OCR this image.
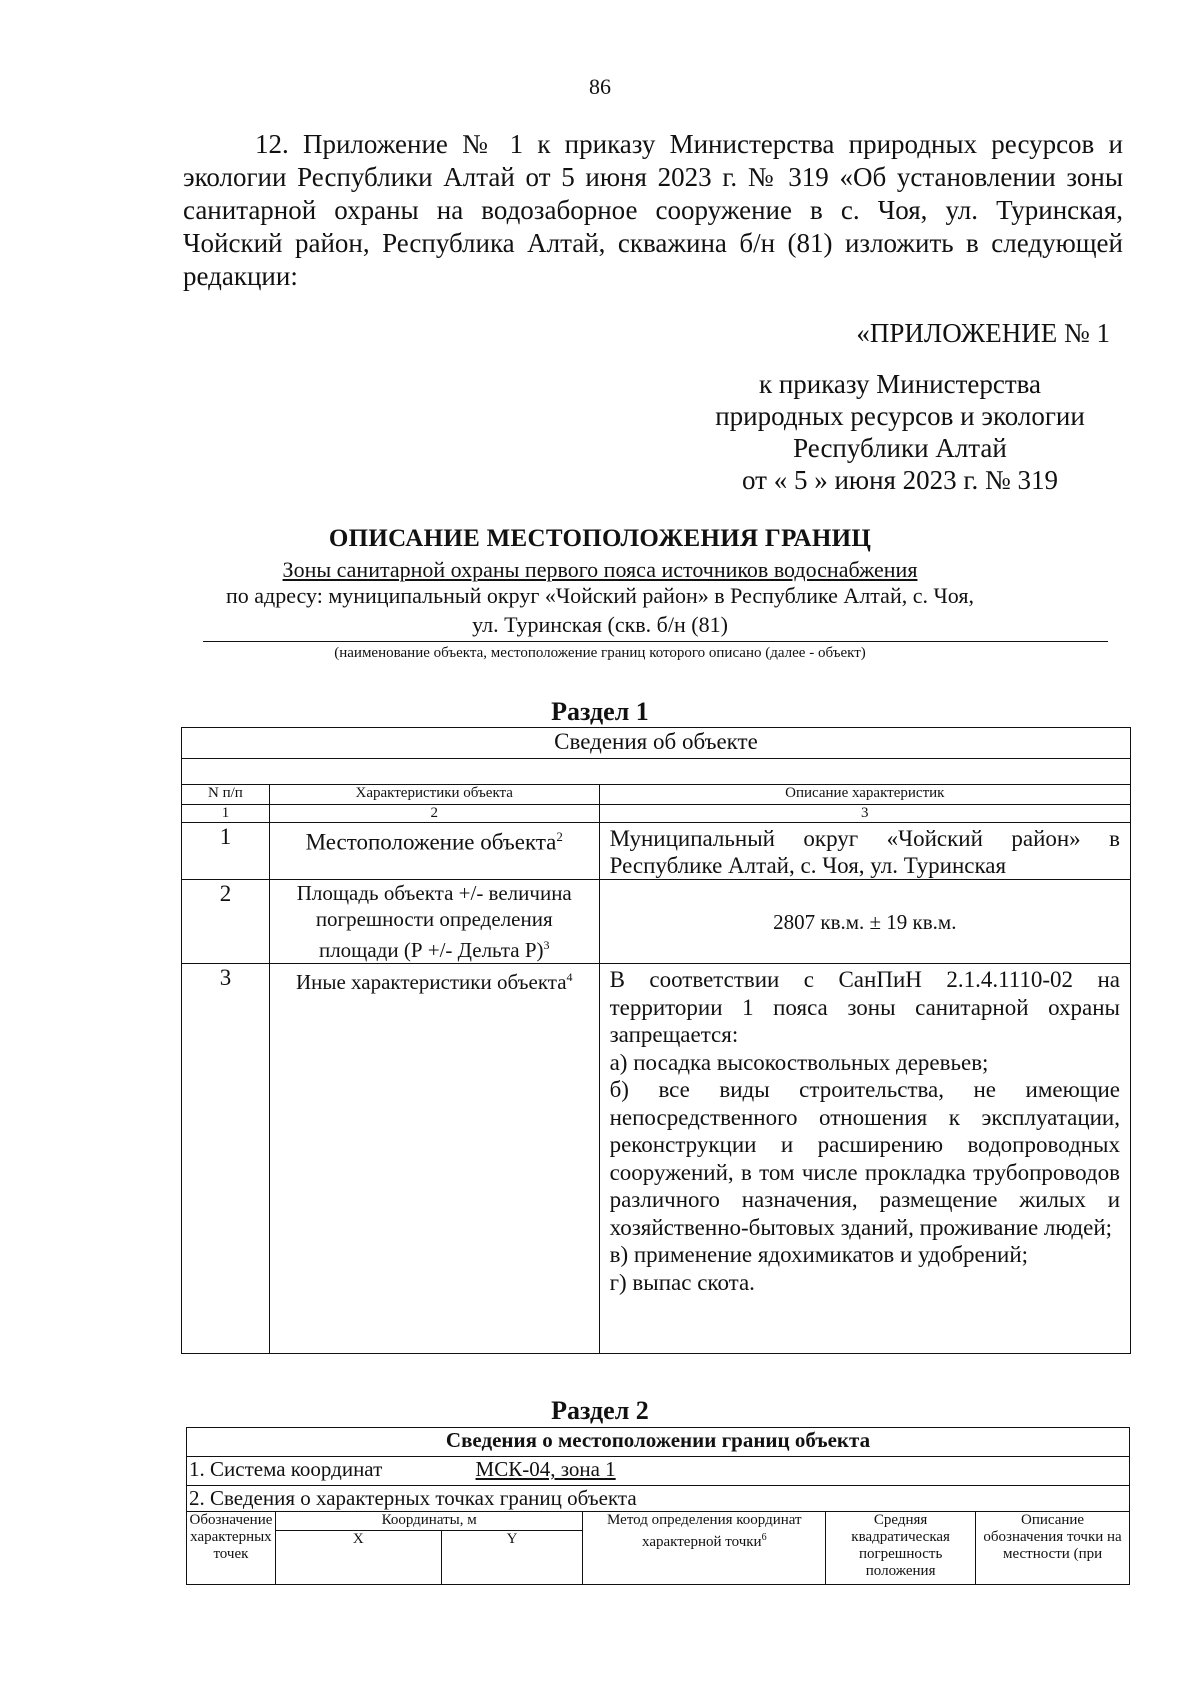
86
12. Приложение № 1 к приказу Министерства природных ресурсов и экологии Республики Алтай от 5 июня 2023 г. № 319 «Об установлении зоны санитарной охраны на водозаборное сооружение в с. Чоя, ул. Туринская, Чойский район, Республика Алтай, скважина б/н (81) изложить в следующей редакции:
«ПРИЛОЖЕНИЕ № 1
к приказу Министерства
природных ресурсов и экологии
Республики Алтай
от « 5 » июня 2023 г. № 319
ОПИСАНИЕ МЕСТОПОЛОЖЕНИЯ ГРАНИЦ
Зоны санитарной охраны первого пояса источников водоснабжения
по адресу: муниципальный округ «Чойский район» в Республике Алтай, с. Чоя,
ул. Туринская (скв. б/н (81)
(наименование объекта, местоположение границ которого описано (далее - объект)
Раздел 1
Сведения об объекте		

N п/п	Характеристики объекта	Описание характеристик
1	2	3
1	Местоположение объекта$^2$	Муниципальный округ «Чойский район» в Республике Алтай, с. Чоя, ул. Туринская
2	Площадь объекта +/- величина погрешности определения площади (Р +/- Дельта Р)$^3$	2807 кв.м. ± 19 кв.м.
3	Иные характеристики объекта$^4$	В соответствии с СанПиН 2.1.4.1110-02 на территории 1 пояса зоны санитарной охраны запрещается:
а) посадка высокоствольных деревьев;
б) все виды строительства, не имеющие непосредственного отношения к эксплуатации, реконструкции и расширению водопроводных сооружений, в том числе прокладка трубопроводов различного назначения, размещение жилых и хозяйственно-бытовых зданий, проживание людей;
в) применение ядохимикатов и удобрений;
г) выпас скота.
Раздел 2
Сведения о местоположении границ объекта					
1. Система координат МСК-04, зона 1					
2. Сведения о характерных точках границ объекта					
Обозначение характерных точек	Координаты, м		Метод определения координат характерной точки$^6$	Средняя квадратическая погрешность положения	Описание обозначения точки на местности (при
	X	Y			
